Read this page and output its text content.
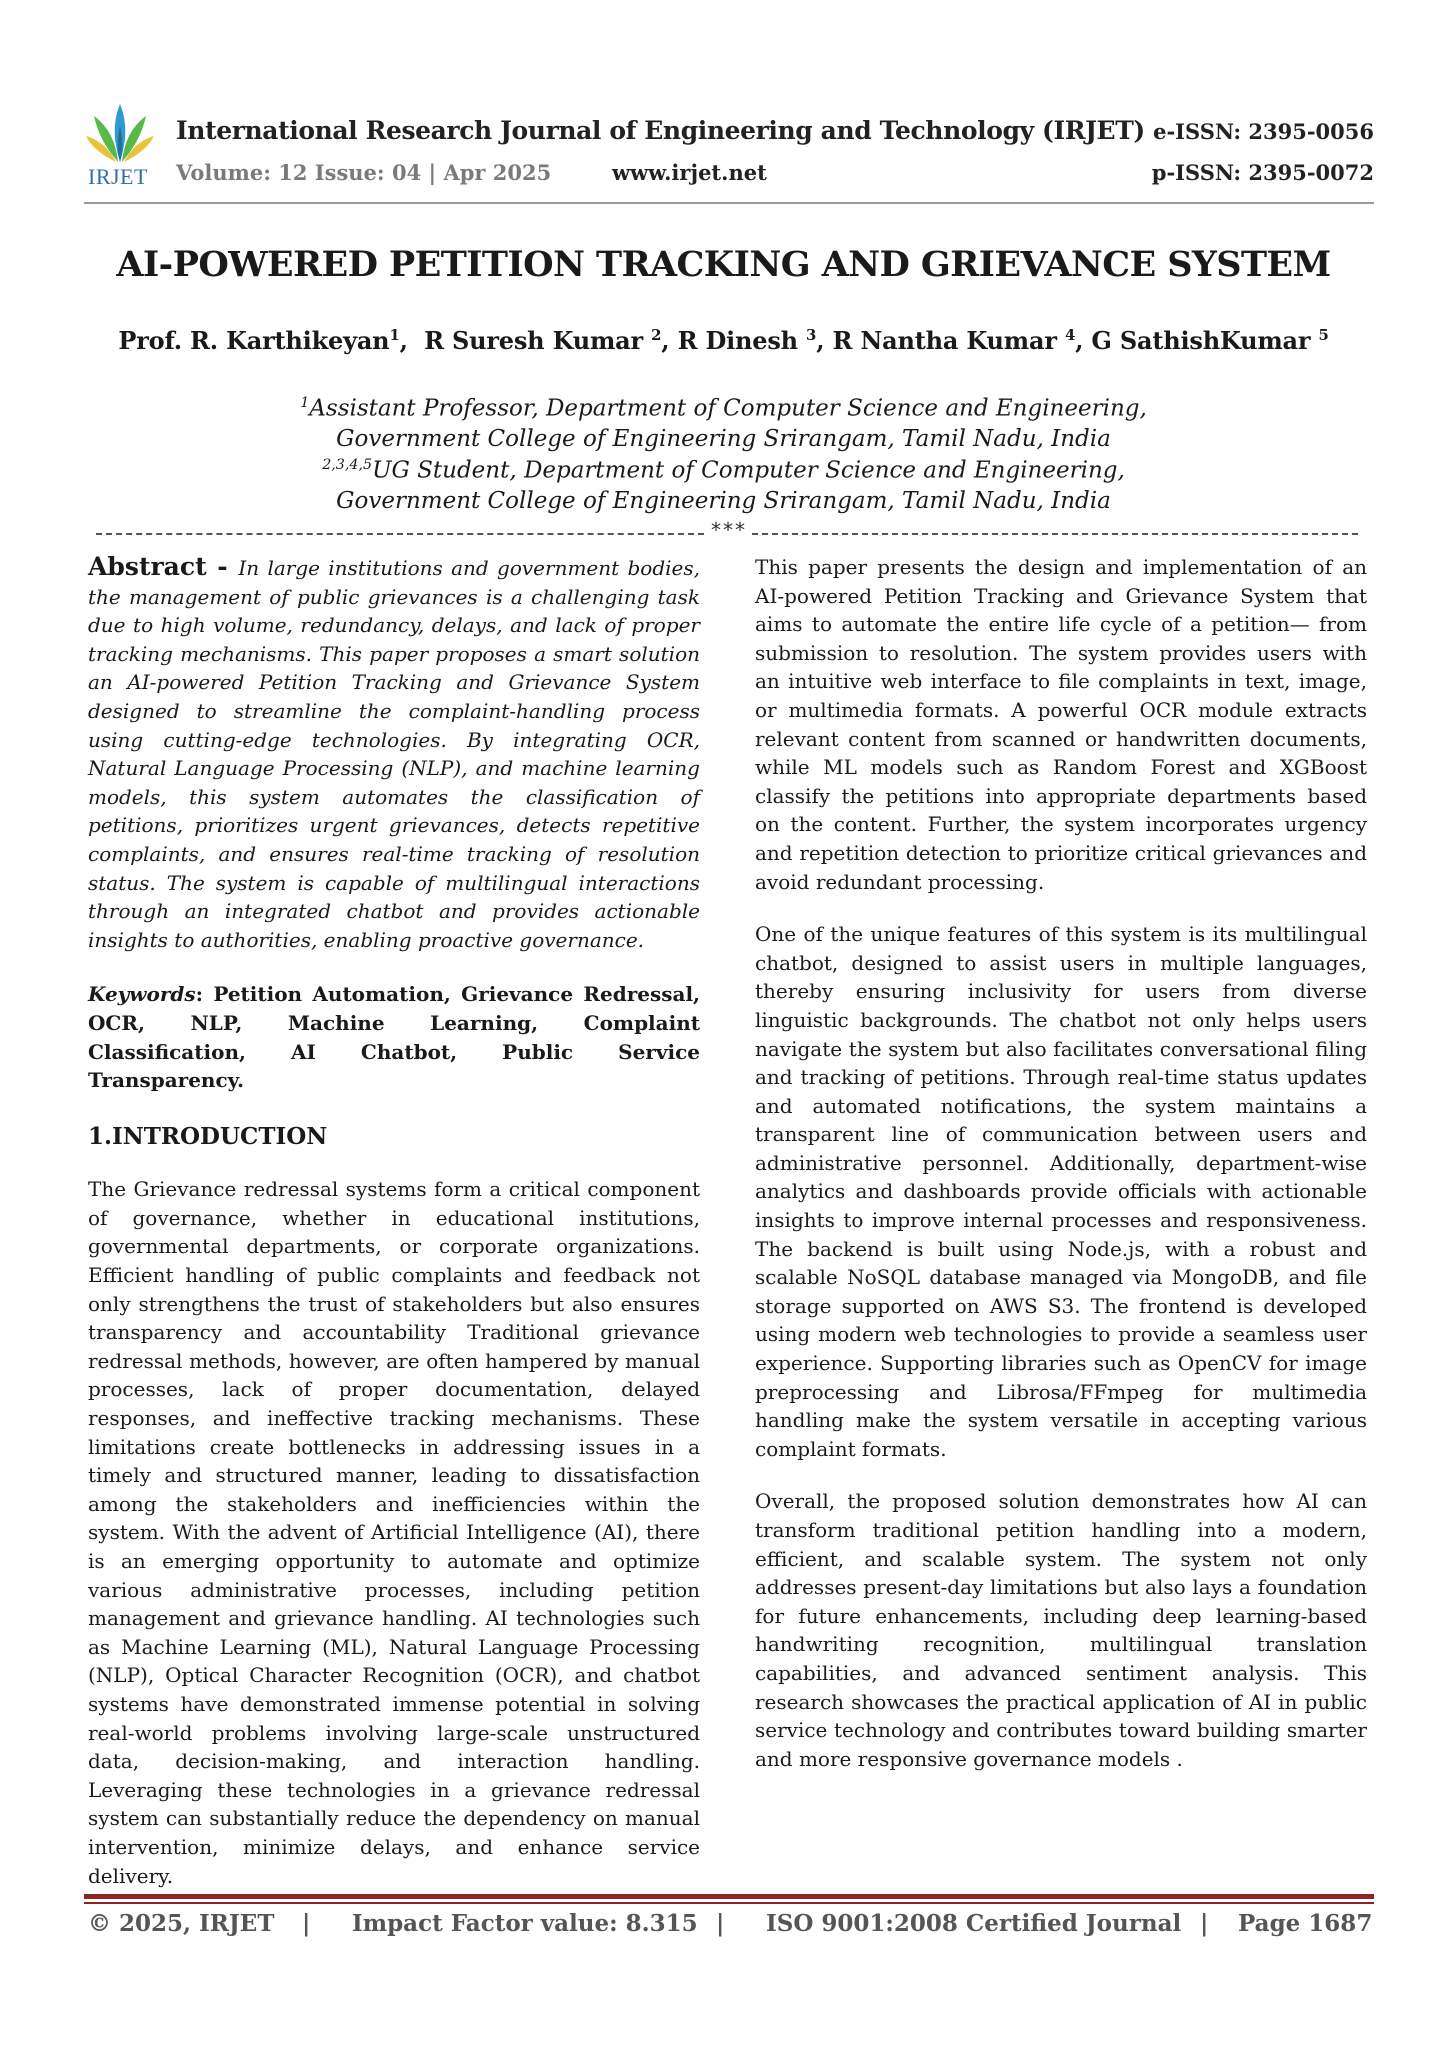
IRJET
International Research Journal of Engineering and Technology (IRJET)
Volume: 12 Issue: 04 | Apr 2025	www.irjet.net
e-ISSN: 2395-0056
p-ISSN: 2395-0072
AI-POWERED PETITION TRACKING AND GRIEVANCE SYSTEM
Prof. R. Karthikeyan$^1$,  R Suresh Kumar $^2$, R Dinesh $^3$, R Nantha Kumar $^4$, G SathishKumar $^5$
$^1$Assistant Professor, Department of Computer Science and Engineering,
Government College of Engineering Srirangam, Tamil Nadu, India
$^{2,3,4,5}$UG Student, Department of Computer Science and Engineering,
Government College of Engineering Srirangam, Tamil Nadu, India
***

Abstract - In large institutions and government bodies, the management of public grievances is a challenging task due to high volume, redundancy, delays, and lack of proper tracking mechanisms. This paper proposes a smart solution an AI-powered Petition Tracking and Grievance System designed to streamline the complaint-handling process using cutting-edge technologies. By integrating OCR, Natural Language Processing (NLP), and machine learning models, this system automates the classification of petitions, prioritizes urgent grievances, detects repetitive complaints, and ensures real-time tracking of resolution status. The system is capable of multilingual interactions through an integrated chatbot and provides actionable insights to authorities, enabling proactive governance.

Keywords: Petition Automation, Grievance Redressal, OCR, NLP, Machine Learning, Complaint Classification, AI Chatbot, Public Service Transparency.

1.INTRODUCTION

The Grievance redressal systems form a critical component of governance, whether in educational institutions, governmental departments, or corporate organizations. Efficient handling of public complaints and feedback not only strengthens the trust of stakeholders but also ensures transparency and accountability Traditional grievance redressal methods, however, are often hampered by manual processes, lack of proper documentation, delayed responses, and ineffective tracking mechanisms. These limitations create bottlenecks in addressing issues in a timely and structured manner, leading to dissatisfaction among the stakeholders and inefficiencies within the system. With the advent of Artificial Intelligence (AI), there is an emerging opportunity to automate and optimize various administrative processes, including petition management and grievance handling. AI technologies such as Machine Learning (ML), Natural Language Processing (NLP), Optical Character Recognition (OCR), and chatbot systems have demonstrated immense potential in solving real-world problems involving large-scale unstructured data, decision-making, and interaction handling. Leveraging these technologies in a grievance redressal system can substantially reduce the dependency on manual intervention, minimize delays, and enhance service delivery.

This paper presents the design and implementation of an AI-powered Petition Tracking and Grievance System that aims to automate the entire life cycle of a petition— from submission to resolution. The system provides users with an intuitive web interface to file complaints in text, image, or multimedia formats. A powerful OCR module extracts relevant content from scanned or handwritten documents, while ML models such as Random Forest and XGBoost classify the petitions into appropriate departments based on the content. Further, the system incorporates urgency and repetition detection to prioritize critical grievances and avoid redundant processing.

One of the unique features of this system is its multilingual chatbot, designed to assist users in multiple languages, thereby ensuring inclusivity for users from diverse linguistic backgrounds. The chatbot not only helps users navigate the system but also facilitates conversational filing and tracking of petitions. Through real-time status updates and automated notifications, the system maintains a transparent line of communication between users and administrative personnel. Additionally, department-wise analytics and dashboards provide officials with actionable insights to improve internal processes and responsiveness. The backend is built using Node.js, with a robust and scalable NoSQL database managed via MongoDB, and file storage supported on AWS S3. The frontend is developed using modern web technologies to provide a seamless user experience. Supporting libraries such as OpenCV for image preprocessing and Librosa/FFmpeg for multimedia handling make the system versatile in accepting various complaint formats.

Overall, the proposed solution demonstrates how AI can transform traditional petition handling into a modern, efficient, and scalable system. The system not only addresses present-day limitations but also lays a foundation for future enhancements, including deep learning-based handwriting recognition, multilingual translation capabilities, and advanced sentiment analysis. This research showcases the practical application of AI in public service technology and contributes toward building smarter and more responsive governance models .

© 2025, IRJET | Impact Factor value: 8.315 | ISO 9001:2008 Certified Journal | Page 1687
